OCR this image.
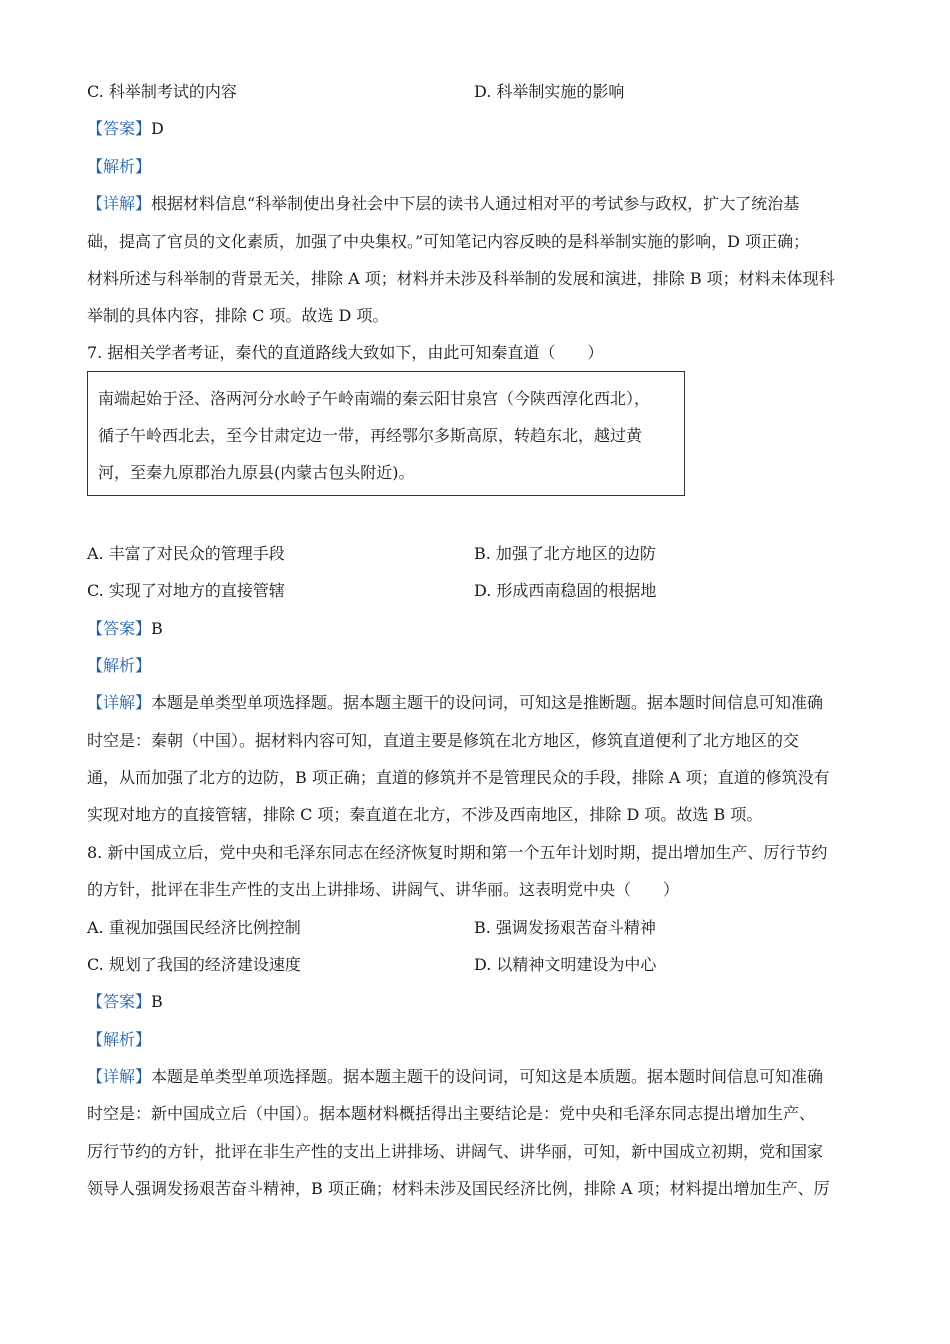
C. 科举制考试的内容	D. 科举制实施的影响
【答案】D
【解析】
【详解】根据材料信息“科举制使出身社会中下层的读书人通过相对平的考试参与政权，扩大了统治基
础，提高了官员的文化素质，加强了中央集权。”可知笔记内容反映的是科举制实施的影响，D 项正确；
材料所述与科举制的背景无关，排除 A 项；材料并未涉及科举制的发展和演进，排除 B 项；材料未体现科
举制的具体内容，排除 C 项。故选 D 项。
7. 据相关学者考证，秦代的直道路线大致如下，由此可知秦直道（　　）
南端起始于泾、洛两河分水岭子午岭南端的秦云阳甘泉宫（今陕西淳化西北），
循子午岭西北去，至今甘肃定边一带，再经鄂尔多斯高原，转趋东北，越过黄
河，至秦九原郡治九原县(内蒙古包头附近)。
A. 丰富了对民众的管理手段	B. 加强了北方地区的边防
C. 实现了对地方的直接管辖	D. 形成西南稳固的根据地
【答案】B
【解析】
【详解】本题是单类型单项选择题。据本题主题干的设问词，可知这是推断题。据本题时间信息可知准确
时空是：秦朝（中国）。据材料内容可知，直道主要是修筑在北方地区，修筑直道便利了北方地区的交
通，从而加强了北方的边防，B 项正确；直道的修筑并不是管理民众的手段，排除 A 项；直道的修筑没有
实现对地方的直接管辖，排除 C 项；秦直道在北方，不涉及西南地区，排除 D 项。故选 B 项。
8. 新中国成立后，党中央和毛泽东同志在经济恢复时期和第一个五年计划时期，提出增加生产、厉行节约
的方针，批评在非生产性的支出上讲排场、讲阔气、讲华丽。这表明党中央（　　）
A. 重视加强国民经济比例控制	B. 强调发扬艰苦奋斗精神
C. 规划了我国的经济建设速度	D. 以精神文明建设为中心
【答案】B
【解析】
【详解】本题是单类型单项选择题。据本题主题干的设问词，可知这是本质题。据本题时间信息可知准确
时空是：新中国成立后（中国）。据本题材料概括得出主要结论是：党中央和毛泽东同志提出增加生产、
厉行节约的方针，批评在非生产性的支出上讲排场、讲阔气、讲华丽，可知，新中国成立初期，党和国家
领导人强调发扬艰苦奋斗精神，B 项正确；材料未涉及国民经济比例，排除 A 项；材料提出增加生产、厉
